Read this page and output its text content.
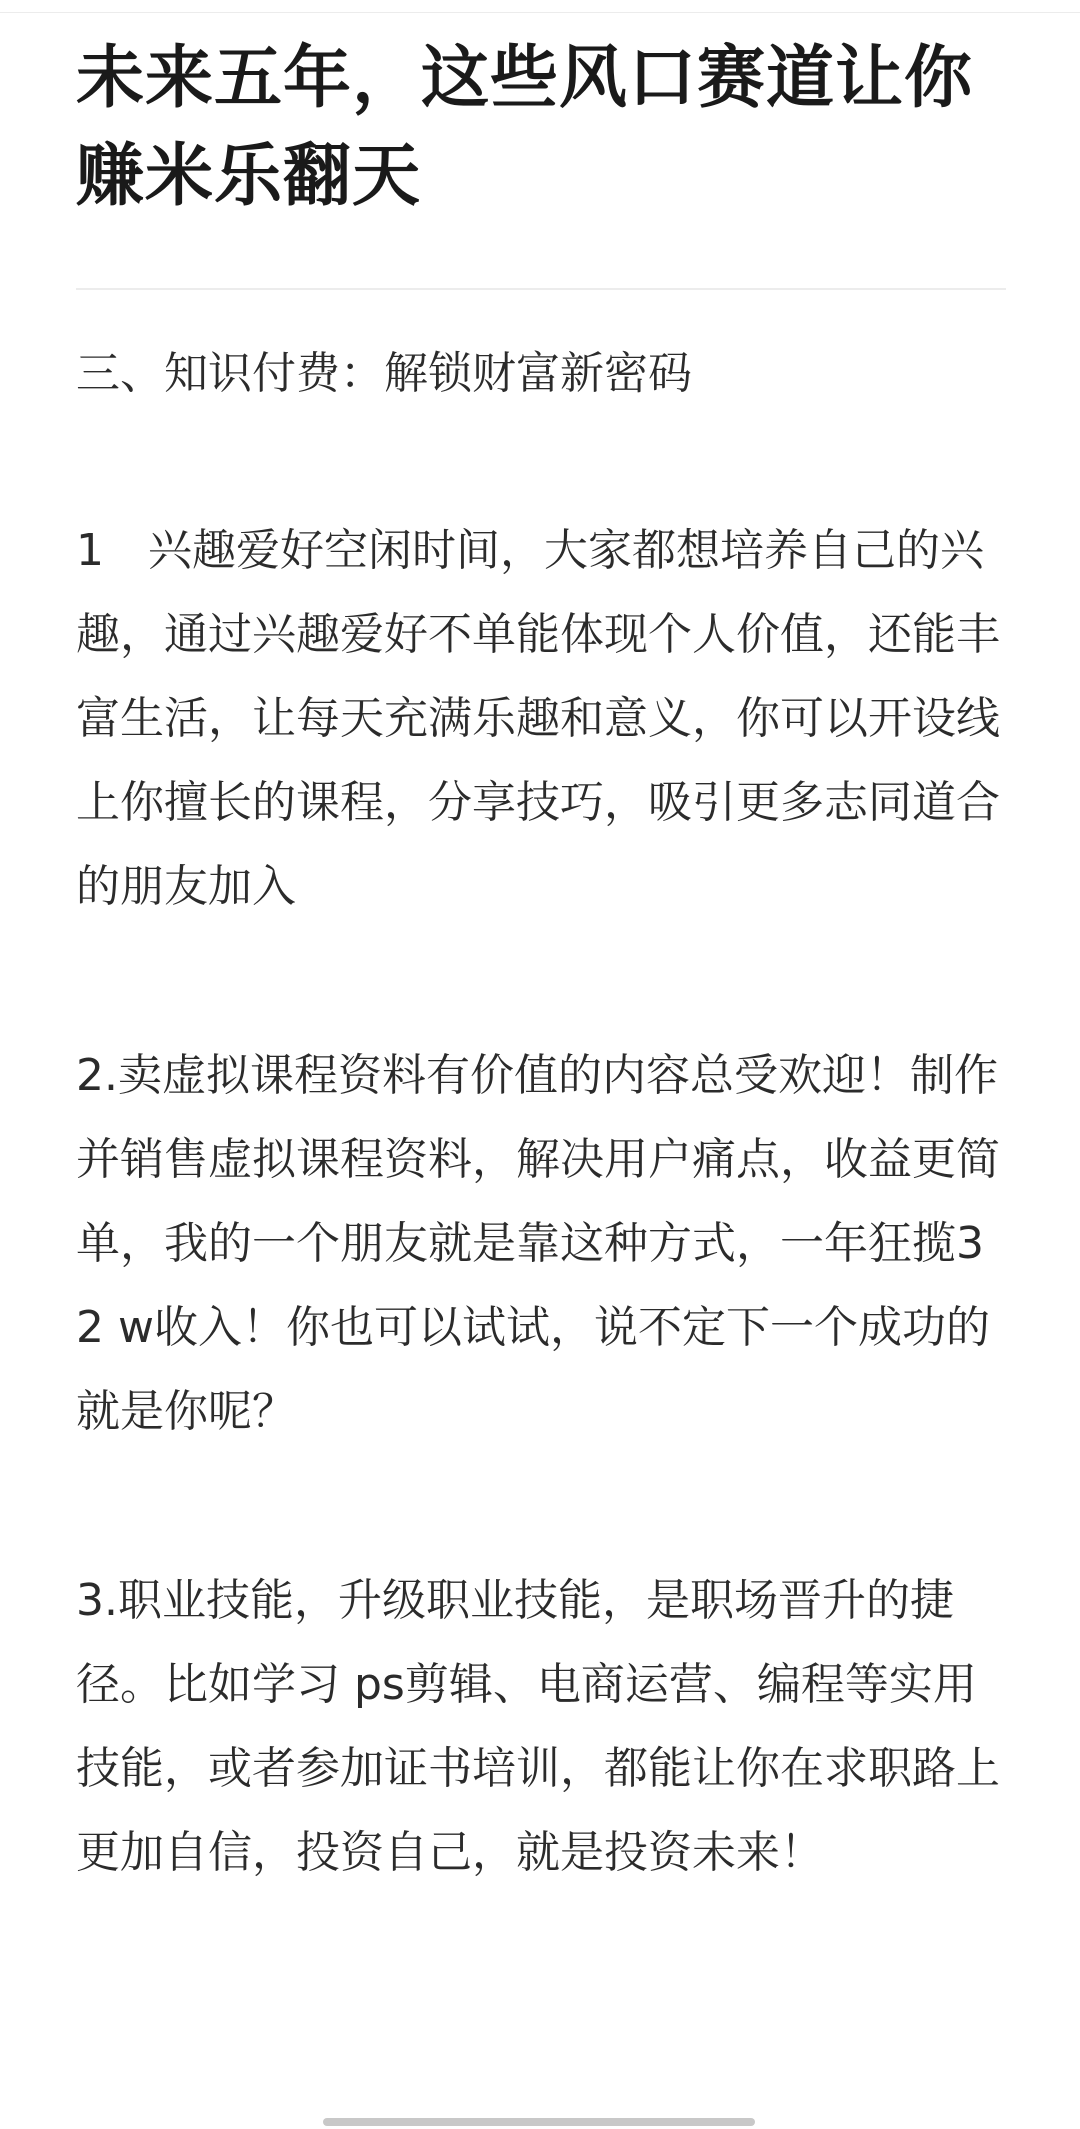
未来五年，这些风口赛道让你赚米乐翻天
三、知识付费：解锁财富新密码

1　兴趣爱好空闲时间，大家都想培养自己的兴趣，通过兴趣爱好不单能体现个人价值，还能丰富生活，让每天充满乐趣和意义，你可以开设线上你擅长的课程，分享技巧，吸引更多志同道合的朋友加入

2.卖虚拟课程资料有价值的内容总受欢迎！制作并销售虚拟课程资料，解决用户痛点，收益更简单，我的一个朋友就是靠这种方式，一年狂揽32 w收入！你也可以试试，说不定下一个成功的就是你呢？

3.职业技能，升级职业技能，是职场晋升的捷径。比如学习 ps剪辑、电商运营、编程等实用技能，或者参加证书培训，都能让你在求职路上更加自信，投资自己，就是投资未来！
